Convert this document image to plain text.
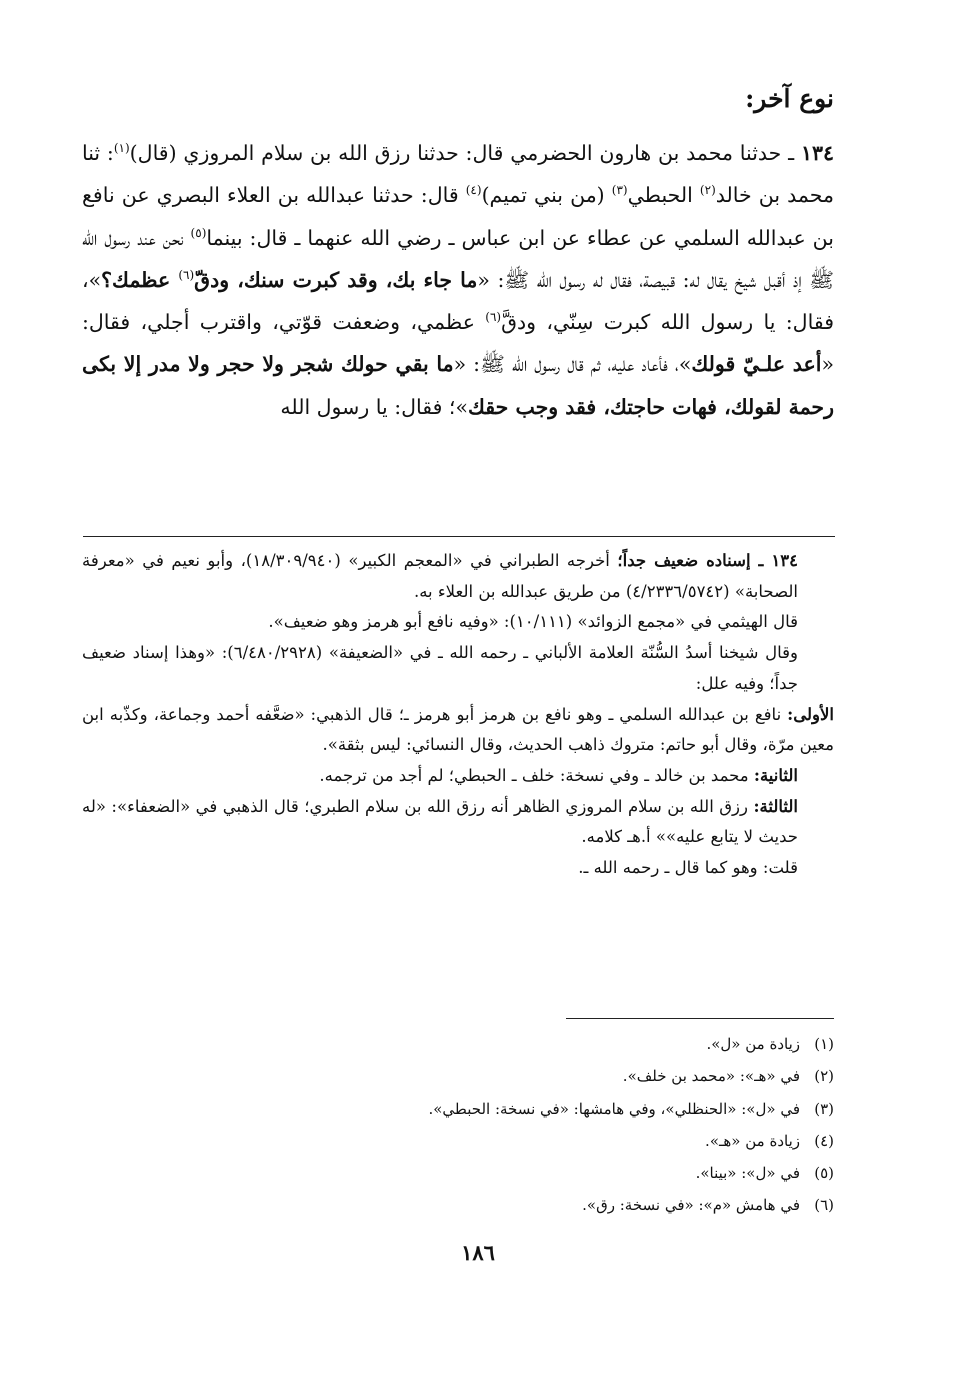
نوع آخر:

١٣٤ ـ حدثنا محمد بن هارون الحضرمي قال: حدثنا رزق الله بن سلام المروزي (قال)$^{(١)}$: ثنا محمد بن خالد$^{(٢)}$ الحبطي$^{(٣)}$ (من بني تميم)$^{(٤)}$ قال: حدثنا عبدالله بن العلاء البصري عن نافع بن عبدالله السلمي عن عطاء عن ابن عباس ـ رضي الله عنهما ـ قال: بينما$^{(٥)}$ نحن عند رسول الله ﷺ إذ أقبل شيخ يقال له: قبيصة، فقال له رسول الله ﷺ: «ما جاء بك، وقد كبرت سنك، ودقّ$^{(٦)}$ عظمك؟»، فقال: يا رسول الله كبرت سِنّي، ودقَّ$^{(٦)}$ عظمي، وضعفت قوّتي، واقترب أجلي، فقال: «أعد علـيّ قولك»، فأعاد عليه، ثم قال رسول الله ﷺ: «ما بقي حولك شجر ولا حجر ولا مدر إلا بكى رحمة لقولك، فهات حاجتك، فقد وجب حقك»؛ فقال: يا رسول الله

١٣٤ ـ إسناده ضعيف جداً؛ أخرجه الطبراني في «المعجم الكبير» (١٨/٣٠٩/٩٤٠)، وأبو نعيم في «معرفة الصحابة» (٤/٢٣٣٦/٥٧٤٢) من طريق عبدالله بن العلاء به.

قال الهيثمي في «مجمع الزوائد» (١٠/١١١): «وفيه نافع أبو هرمز وهو ضعيف».

وقال شيخنا أسدُ السُّنّة العلامة الألباني ـ رحمه الله ـ في «الضعيفة» (٦/٤٨٠/٢٩٢٨): «وهذا إسناد ضعيف جداً؛ وفيه علل:

الأولى: نافع بن عبدالله السلمي ـ وهو نافع بن هرمز أبو هرمز ـ؛ قال الذهبي: «ضعَّفه أحمد وجماعة، وكذّبه ابن معين مرّة، وقال أبو حاتم: متروك ذاهب الحديث، وقال النسائي: ليس بثقة».

الثانية: محمد بن خالد ـ وفي نسخة: خلف ـ الحبطي؛ لم أجد من ترجمه.

الثالثة: رزق الله بن سلام المروزي الظاهر أنه رزق الله بن سلام الطبري؛ قال الذهبي في «الضعفاء»: «له حديث لا يتابع عليه»» أ.هـ كلامه.

قلت: وهو كما قال ـ رحمه الله ـ.

(١)زيادة من «ل».
(٢)في «هـ»: «محمد بن خلف».
(٣)في «ل»: «الحنظلي»، وفي هامشها: «في نسخة: الحبطي».
(٤)زيادة من «هـ».
(٥)في «ل»: «بينا».
(٦)في هامش «م»: «في نسخة: رق».
١٨٦
